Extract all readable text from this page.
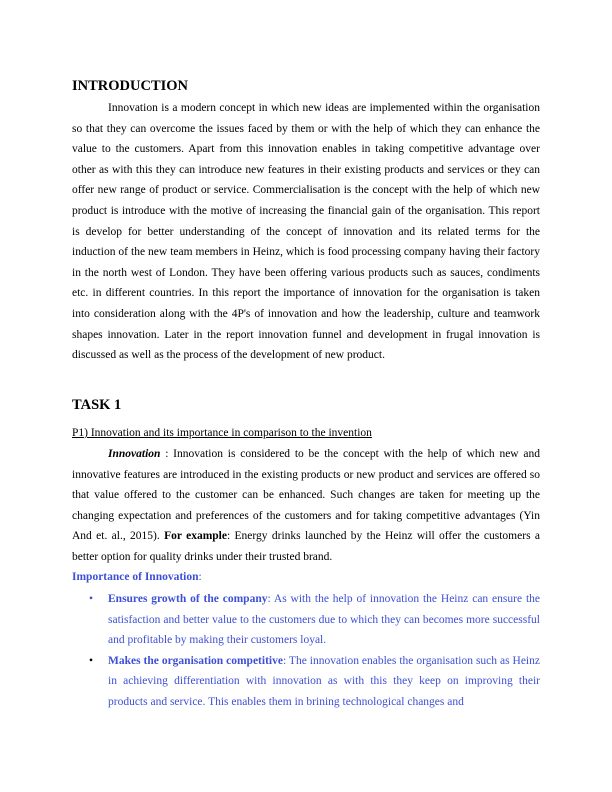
INTRODUCTION
Innovation is a modern concept in which new ideas are implemented within the organisation so that they can overcome the issues faced by them or with the help of which they can enhance the value to the customers. Apart from this innovation enables in taking competitive advantage over other as with this they can introduce new features in their existing products and services or they can offer new range of product or service. Commercialisation is the concept with the help of which new product is introduce with the motive of increasing the financial gain of the organisation. This report is develop for better understanding of the concept of innovation and its related terms for the induction of the new team members in Heinz, which is food processing company having their factory in the north west of London. They have been offering various products such as sauces, condiments etc. in different countries. In this report the importance of innovation for the organisation is taken into consideration along with the 4P's of innovation and how the leadership, culture and teamwork shapes innovation. Later in the report innovation funnel and development in frugal innovation is discussed as well as the process of the development of new product.
TASK 1
P1) Innovation and its importance in comparison to the invention
Innovation : Innovation is considered to be the concept with the help of which new and innovative features are introduced in the existing products or new product and services are offered so that value offered to the customer can be enhanced. Such changes are taken for meeting up the changing expectation and preferences of the customers and for taking competitive advantages (Yin And et. al., 2015). For example: Energy drinks launched by the Heinz will offer the customers a better option for quality drinks under their trusted brand.
Importance of Innovation:
• Ensures growth of the company: As with the help of innovation the Heinz can ensure the satisfaction and better value to the customers due to which they can becomes more successful and profitable by making their customers loyal.
• Makes the organisation competitive: The innovation enables the organisation such as Heinz in achieving differentiation with innovation as with this they keep on improving their products and service. This enables them in brining technological changes and
